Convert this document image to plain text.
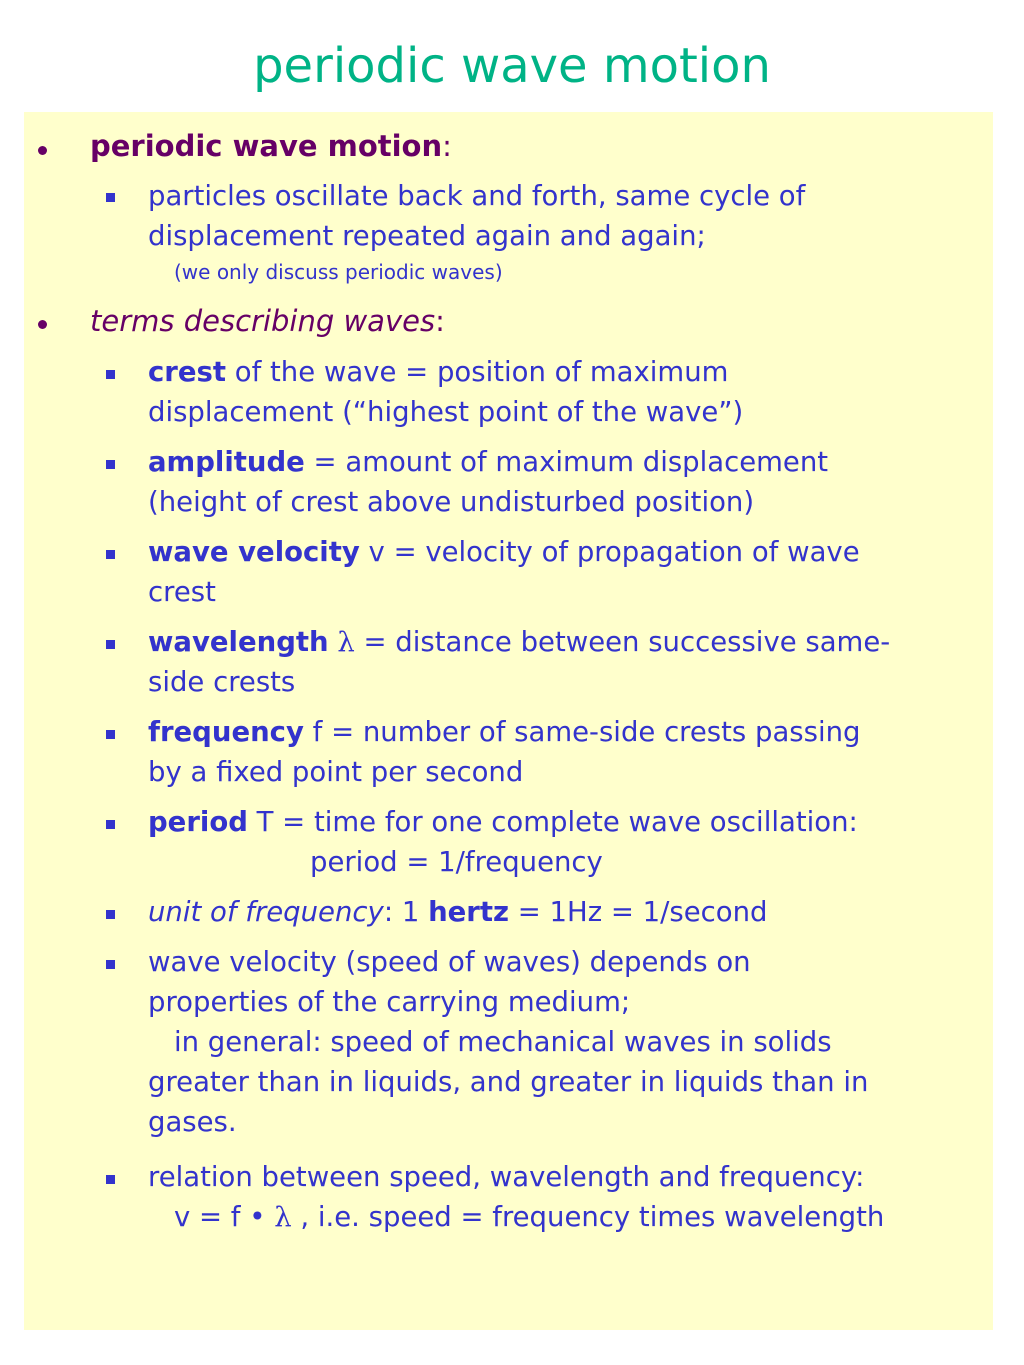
periodic wave motion
periodic wave motion:
particles oscillate back and forth, same cycle of
displacement repeated again and again;
(we only discuss periodic waves)
terms describing waves:
crest of the wave = position of maximum
displacement (“highest point of the wave”)
amplitude = amount of maximum displacement
(height of crest above undisturbed position)
wave velocity v = velocity of propagation of wave
crest
wavelength λ = distance between successive same-
side crests
frequency f = number of same-side crests passing
by a fixed point per second
period T = time for one complete wave oscillation:
period = 1/frequency
unit of frequency: 1 hertz = 1Hz = 1/second
wave velocity (speed of waves) depends on
properties of the carrying medium;
in general: speed of mechanical waves in solids
greater than in liquids, and greater in liquids than in
gases.
relation between speed, wavelength and frequency:
v = f • λ , i.e. speed = frequency times wavelength
